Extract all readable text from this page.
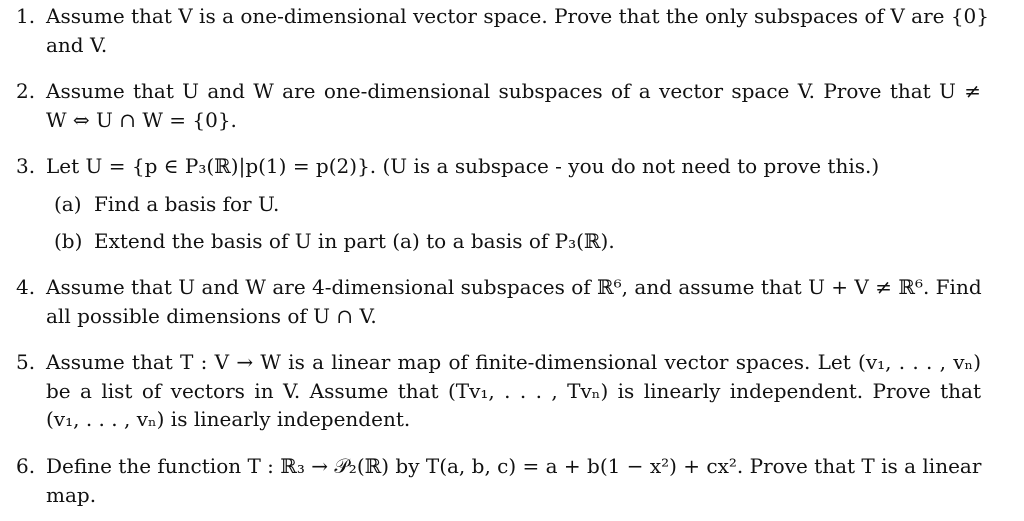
1. Assume that V is a one-dimensional vector space. Prove that the only subspaces of V are {0}
and V.
2. Assume that U and W are one-dimensional subspaces of a vector space V. Prove that U ≠
W ⇔ U ∩ W = {0}.
3. Let U = {p ∈ P₃(ℝ)|p(1) = p(2)}. (U is a subspace - you do not need to prove this.)
(a) Find a basis for U.
(b) Extend the basis of U in part (a) to a basis of P₃(ℝ).
4. Assume that U and W are 4-dimensional subspaces of ℝ⁶, and assume that U + V ≠ ℝ⁶. Find
all possible dimensions of U ∩ V.
5. Assume that T : V → W is a linear map of finite-dimensional vector spaces. Let (v₁, . . . , vₙ)
be a list of vectors in V. Assume that (Tv₁, . . . , Tvₙ) is linearly independent. Prove that
(v₁, . . . , vₙ) is linearly independent.
6. Define the function T : ℝ₃ → 𝒫₂(ℝ) by T(a, b, c) = a + b(1 − x²) + cx². Prove that T is a linear
map.
